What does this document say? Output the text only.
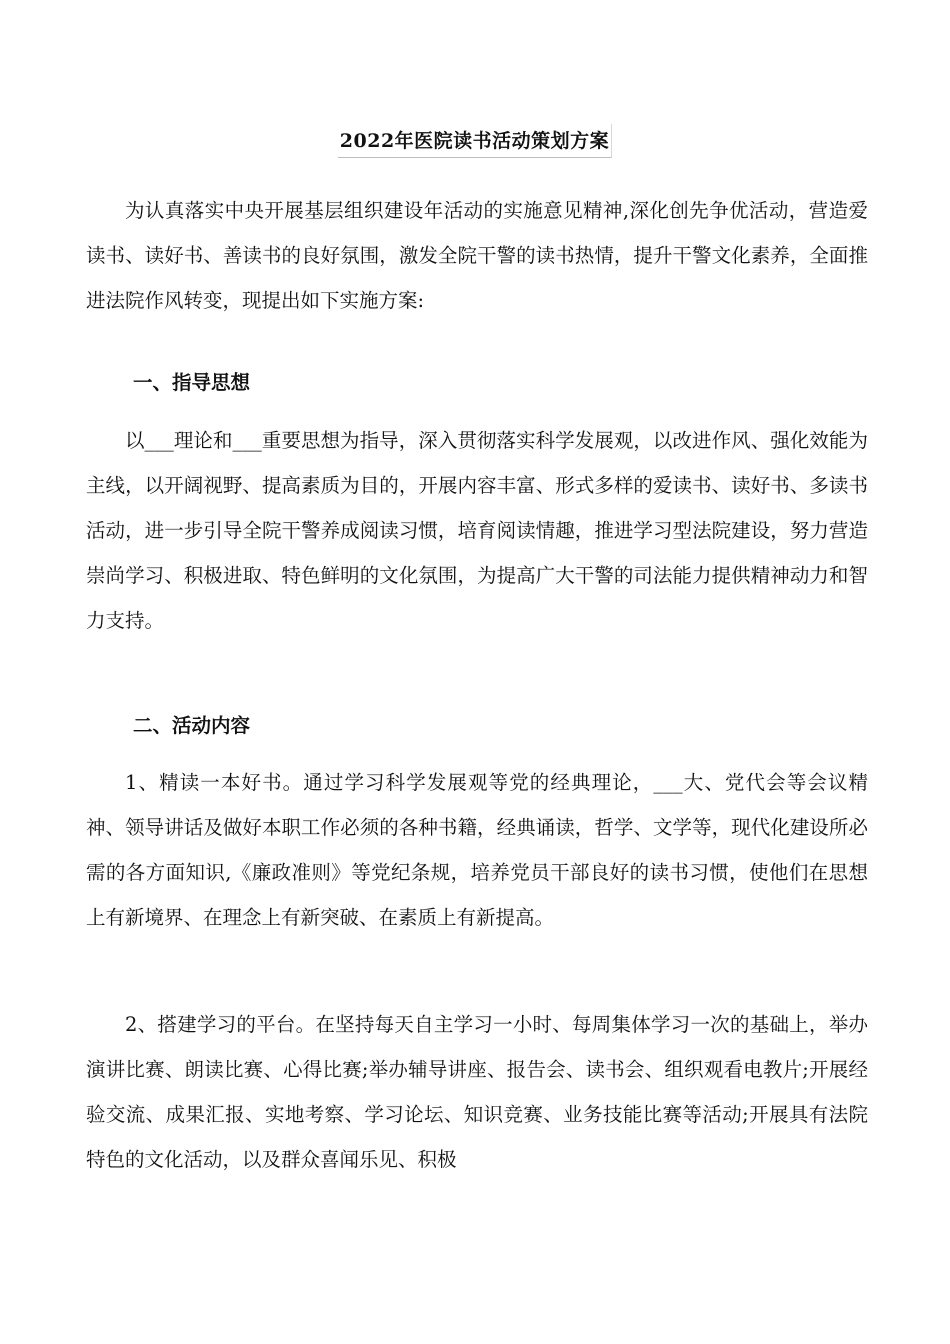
2022年医院读书活动策划方案

为认真落实中央开展基层组织建设年活动的实施意见精神,深化创先争优活动，营造爱读书、读好书、善读书的良好氛围，激发全院干警的读书热情，提升干警文化素养，全面推进法院作风转变，现提出如下实施方案:

一、指导思想

以___理论和___重要思想为指导，深入贯彻落实科学发展观，以改进作风、强化效能为主线，以开阔视野、提高素质为目的，开展内容丰富、形式多样的爱读书、读好书、多读书活动，进一步引导全院干警养成阅读习惯，培育阅读情趣，推进学习型法院建设，努力营造崇尚学习、积极进取、特色鲜明的文化氛围，为提高广大干警的司法能力提供精神动力和智力支持。

二、活动内容

1、精读一本好书。通过学习科学发展观等党的经典理论，___大、党代会等会议精神、领导讲话及做好本职工作必须的各种书籍，经典诵读，哲学、文学等，现代化建设所必需的各方面知识,《廉政准则》等党纪条规，培养党员干部良好的读书习惯，使他们在思想上有新境界、在理念上有新突破、在素质上有新提高。

2、搭建学习的平台。在坚持每天自主学习一小时、每周集体学习一次的基础上，举办演讲比赛、朗读比赛、心得比赛;举办辅导讲座、报告会、读书会、组织观看电教片;开展经验交流、成果汇报、实地考察、学习论坛、知识竞赛、业务技能比赛等活动;开展具有法院特色的文化活动，以及群众喜闻乐见、积极
